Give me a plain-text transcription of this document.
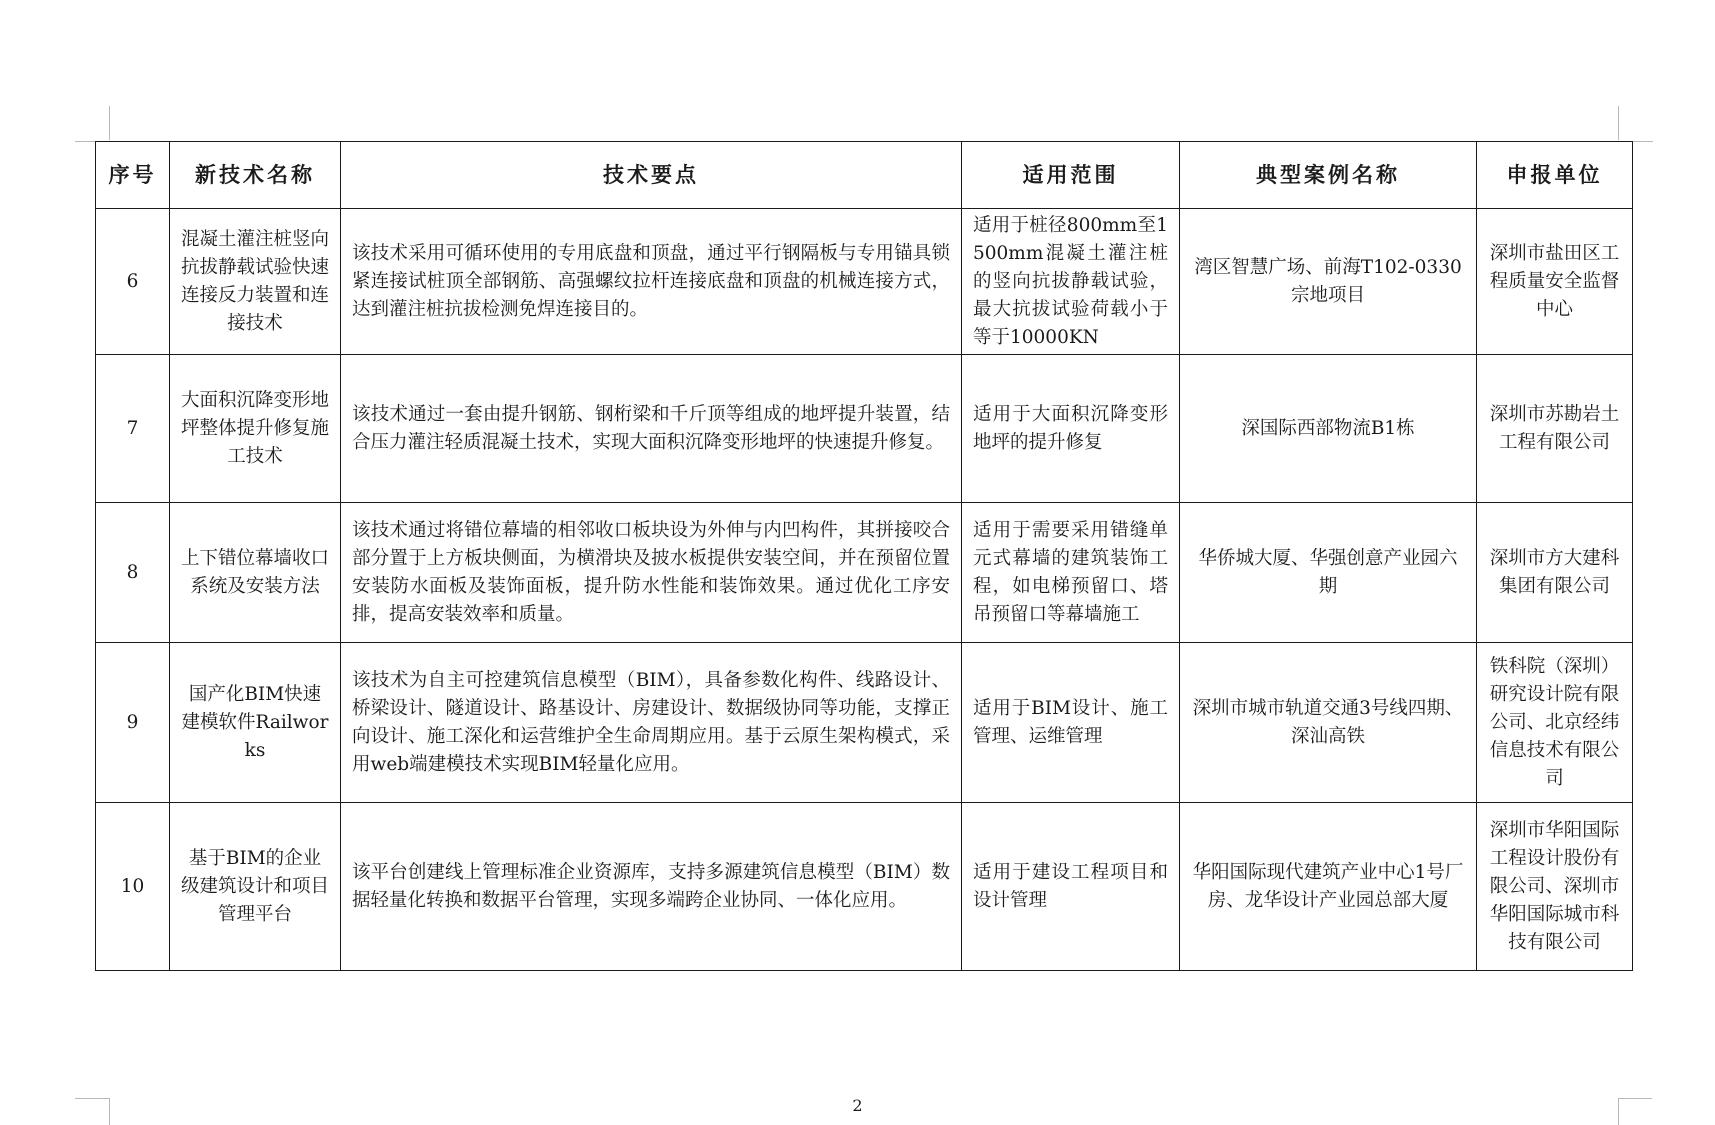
序号	新技术名称	技术要点	适用范围	典型案例名称	申报单位
6	混凝土灌注桩竖向抗拔静载试验快速连接反力装置和连接技术	该技术采用可循环使用的专用底盘和顶盘，通过平行钢隔板与专用锚具锁紧连接试桩顶全部钢筋、高强螺纹拉杆连接底盘和顶盘的机械连接方式，达到灌注桩抗拔检测免焊连接目的。	适用于桩径800mm至1500mm混凝土灌注桩的竖向抗拔静载试验，最大抗拔试验荷载小于等于10000KN	湾区智慧广场、前海T102-0330宗地项目	深圳市盐田区工程质量安全监督中心
7	大面积沉降变形地坪整体提升修复施工技术	该技术通过一套由提升钢筋、钢桁梁和千斤顶等组成的地坪提升装置，结合压力灌注轻质混凝土技术，实现大面积沉降变形地坪的快速提升修复。	适用于大面积沉降变形地坪的提升修复	深国际西部物流B1栋	深圳市苏勘岩土工程有限公司
8	上下错位幕墙收口系统及安装方法	该技术通过将错位幕墙的相邻收口板块设为外伸与内凹构件，其拼接咬合部分置于上方板块侧面，为横滑块及披水板提供安装空间，并在预留位置安装防水面板及装饰面板，提升防水性能和装饰效果。通过优化工序安排，提高安装效率和质量。	适用于需要采用错缝单元式幕墙的建筑装饰工程，如电梯预留口、塔吊预留口等幕墙施工	华侨城大厦、华强创意产业园六期	深圳市方大建科集团有限公司
9	国产化BIM快速建模软件Railworks	该技术为自主可控建筑信息模型（BIM），具备参数化构件、线路设计、桥梁设计、隧道设计、路基设计、房建设计、数据级协同等功能，支撑正向设计、施工深化和运营维护全生命周期应用。基于云原生架构模式，采用web端建模技术实现BIM轻量化应用。	适用于BIM设计、施工管理、运维管理	深圳市城市轨道交通3号线四期、深汕高铁	铁科院（深圳）研究设计院有限公司、北京经纬信息技术有限公司
10	基于BIM的企业级建筑设计和项目管理平台	该平台创建线上管理标准企业资源库，支持多源建筑信息模型（BIM）数据轻量化转换和数据平台管理，实现多端跨企业协同、一体化应用。	适用于建设工程项目和设计管理	华阳国际现代建筑产业中心1号厂房、龙华设计产业园总部大厦	深圳市华阳国际工程设计股份有限公司、深圳市华阳国际城市科技有限公司
2
